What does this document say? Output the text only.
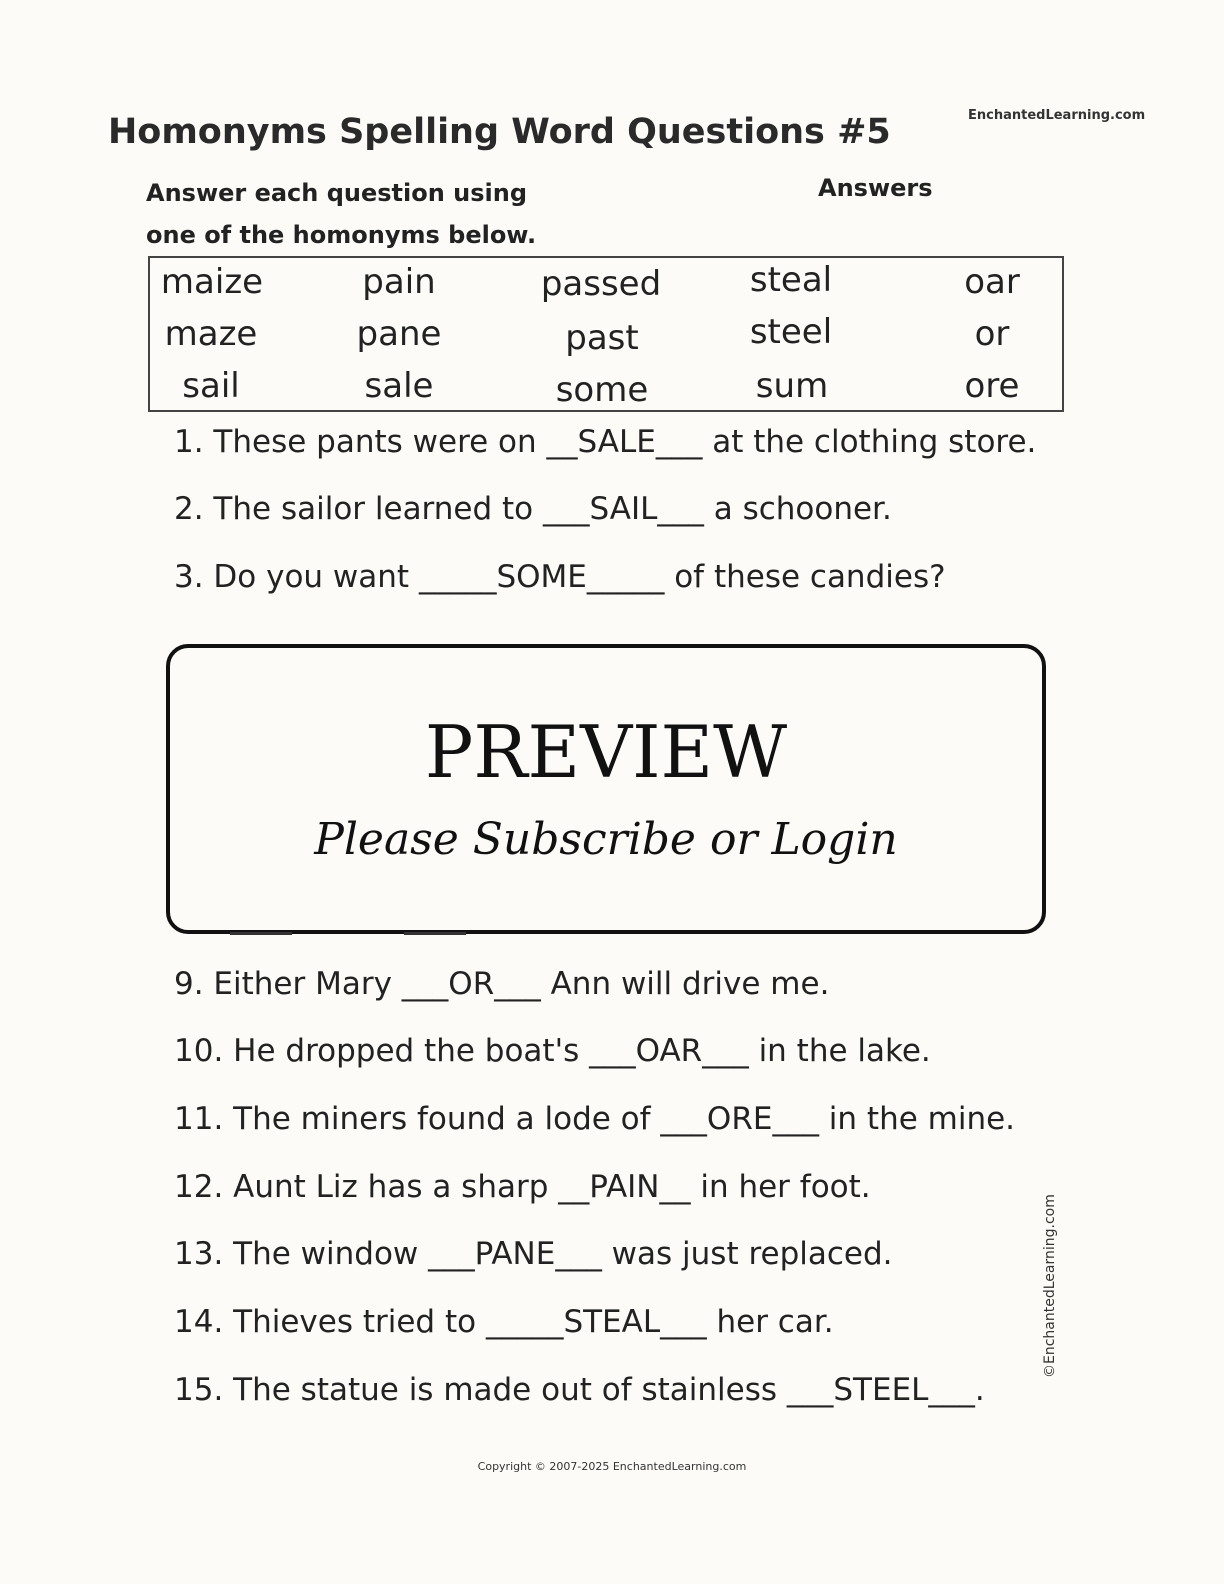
EnchantedLearning.com
Homonyms Spelling Word Questions #5
Answer each question using
one of the homonyms below.
Answers
maize	pain	passed	steal	oar
maze	pane	past	steel	or
sail	sale	some	sum	ore
1. These pants were on __SALE___ at the clothing store.
2. The sailor learned to ___SAIL___ a schooner.
3. Do you want _____SOME_____ of these candies?
PREVIEW
Please Subscribe or Login
9. Either Mary ___OR___ Ann will drive me.
10. He dropped the boat's ___OAR___ in the lake.
11. The miners found a lode of ___ORE___ in the mine.
12. Aunt Liz has a sharp __PAIN__ in her foot.
13. The window ___PANE___ was just replaced.
14. Thieves tried to _____STEAL___ her car.
15. The statue is made out of stainless ___STEEL___.
©EnchantedLearning.com
Copyright © 2007-2025 EnchantedLearning.com
